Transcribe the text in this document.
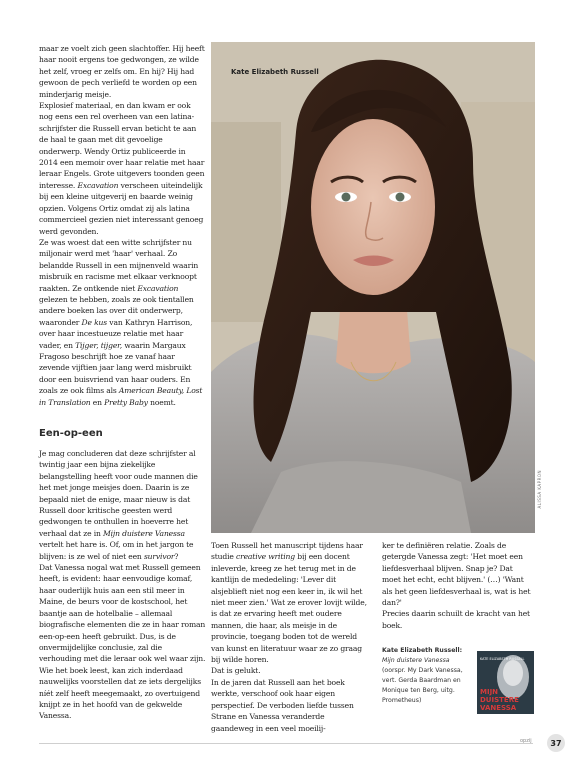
maar ze voelt zich geen slachtoffer. Hij heeft haar nooit ergens toe gedwongen, ze wilde het zelf, vroeg er zelfs om. En hij? Hij had gewoon de pech verliefd te worden op een minderjarig meisje.

Explosief materiaal, en dan kwam er ook nog eens een rel overheen van een latina-schrijfster die Russell ervan beticht te aan de haal te gaan met dit gevoelige onderwerp. Wendy Ortiz publiceerde in 2014 een memoir over haar relatie met haar leraar Engels. Grote uitgevers toonden geen interesse. Excavation verscheen uiteindelijk bij een kleine uitgeverij en baarde weinig opzien. Volgens Ortiz omdat zij als latina commercieel gezien niet interessant genoeg werd gevonden.

Ze was woest dat een witte schrijfster nu miljonair werd met 'haar' verhaal. Zo belandde Russell in een mijnenveld waarin misbruik en racisme met elkaar verknoopt raakten. Ze ontkende niet Excavation gelezen te hebben, zoals ze ook tientallen andere boeken las over dit onderwerp, waaronder De kus van Kathryn Harrison, over haar incestueuze relatie met haar vader, en Tijger, tijger, waarin Margaux Fragoso beschrijft hoe ze vanaf haar zevende vijftien jaar lang werd misbruikt door een buisvriend van haar ouders. En zoals ze ook films als American Beauty, Lost in Translation en Pretty Baby noemt.

Een-op-een

Je mag concluderen dat deze schrijfster al twintig jaar een bijna ziekelijke belangstelling heeft voor oude mannen die het met jonge meisjes doen. Daarin is ze bepaald niet de enige, maar nieuw is dat Russell door kritische geesten werd gedwongen te onthullen in hoeverre het verhaal dat ze in Mijn duistere Vanessa vertelt het hare is. Of, om in het jargon te blijven: is ze wel of niet een survivor?

Dat Vanessa nogal wat met Russell gemeen heeft, is evident: haar eenvoudige komaf, haar ouderlijk huis aan een stil meer in Maine, de beurs voor de kostschool, het baantje aan de hotelbalie – allemaal biografische elementen die ze in haar roman een-op-een heeft gebruikt. Dus, is de onvermijdelijke conclusie, zal die verhouding met die leraar ook wel waar zijn.

Wie het boek leest, kan zich inderdaad nauwelijks voorstellen dat ze iets dergelijks níét zelf heeft meegemaakt, zo overtuigend knijpt ze in het hoofd van de gekwelde Vanessa.

Kate Elizabeth Russell

ALISSA KAPRON

Toen Russell het manuscript tijdens haar studie creative writing bij een docent inleverde, kreeg ze het terug met in de kantlijn de mededeling: 'Lever dit alsjeblieft niet nog een keer in, ik wil het niet meer zien.' Wat ze erover lovijt wilde, is dat ze ervaring heeft met oudere mannen, die haar, als meisje in de provincie, toegang boden tot de wereld van kunst en literatuur waar ze zo graag bij wilde horen.

Dat is gelukt.

In de jaren dat Russell aan het boek werkte, verschoof ook haar eigen perspectief. De verboden liefde tussen Strane en Vanessa veranderde gaandeweg in een veel moeilij-

ker te definiëren relatie. Zoals de getergde Vanessa zegt: 'Het moet een liefdesverhaal blijven. Snap je? Dat moet het echt, echt blijven.' (…) 'Want als het geen liefdesverhaal is, wat is het dan?'

Precies daarin schuilt de kracht van het boek.

Kate Elizabeth Russell:
Mijn duistere Vanessa
(oorspr. My Dark Vanessa, vert. Gerda Baardman en Monique ten Berg, uitg. Prometheus)
KATE ELIZABETH RUSSELL
MIJN
DUISTERE
VANESSA

opzij	37
